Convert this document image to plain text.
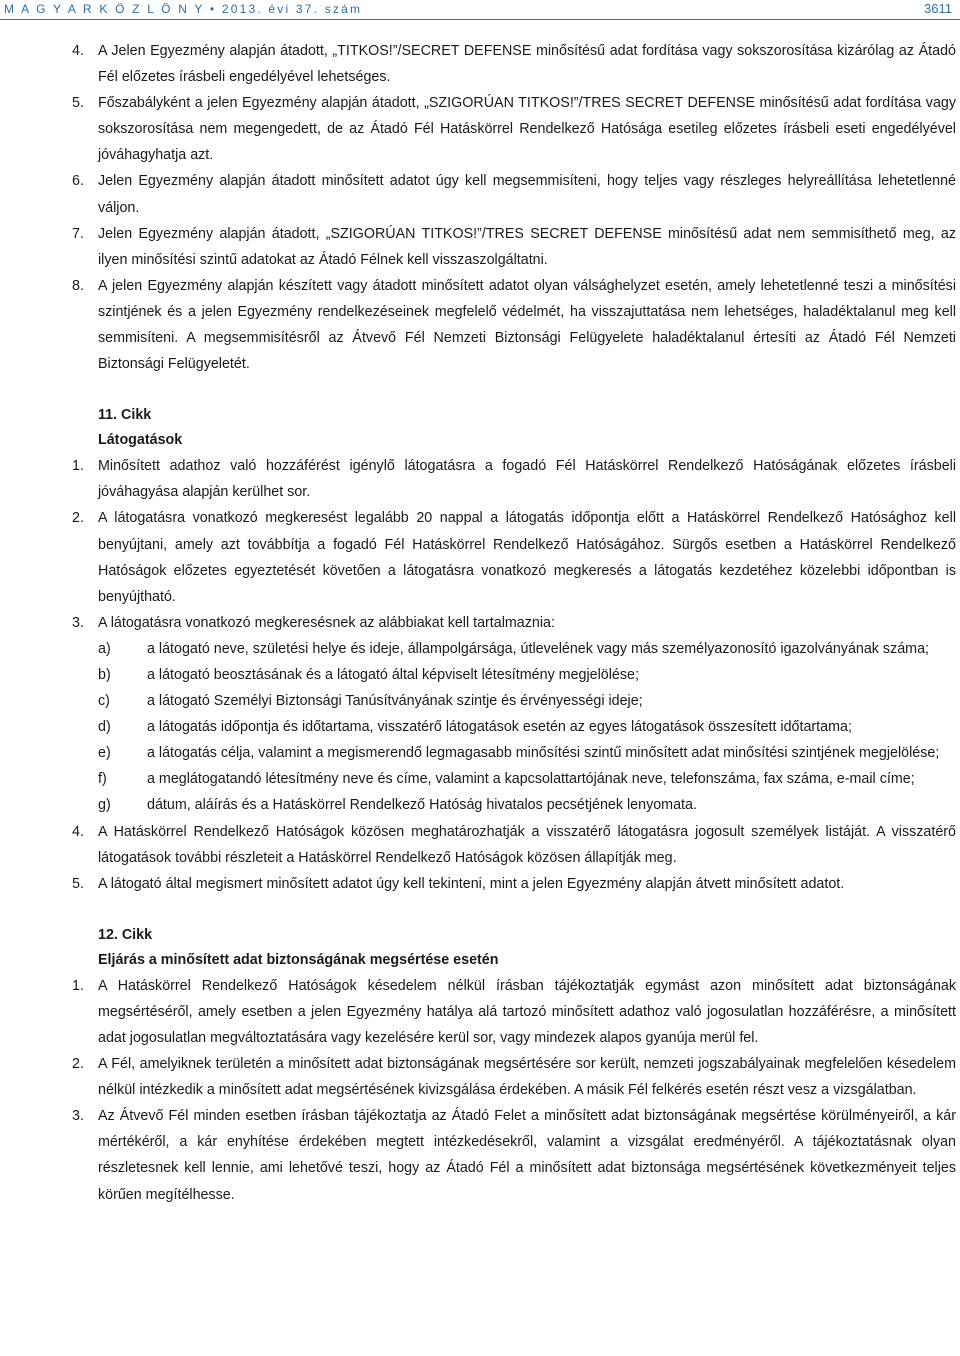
M A G Y A R K Ö Z L Ö N Y • 2013. évi 37. szám	3611
4. A Jelen Egyezmény alapján átadott, „TITKOS!”/SECRET DEFENSE minősítésű adat fordítása vagy sokszorosítása kizárólag az Átadó Fél előzetes írásbeli engedélyével lehetséges.
5. Főszabályként a jelen Egyezmény alapján átadott, „SZIGORÚAN TITKOS!”/TRES SECRET DEFENSE minősítésű adat fordítása vagy sokszorosítása nem megengedett, de az Átadó Fél Hatáskörrel Rendelkező Hatósága esetileg előzetes írásbeli eseti engedélyével jóváhagyhatja azt.
6. Jelen Egyezmény alapján átadott minősített adatot úgy kell megsemmisíteni, hogy teljes vagy részleges helyreállítása lehetetlenné váljon.
7. Jelen Egyezmény alapján átadott, „SZIGORÚAN TITKOS!”/TRES SECRET DEFENSE minősítésű adat nem semmisíthető meg, az ilyen minősítési szintű adatokat az Átadó Félnek kell visszaszolgáltatni.
8. A jelen Egyezmény alapján készített vagy átadott minősített adatot olyan válsághelyzet esetén, amely lehetetlenné teszi a minősítési szintjének és a jelen Egyezmény rendelkezéseinek megfelelő védelmét, ha visszajuttatása nem lehetséges, haladéktalanul meg kell semmisíteni. A megsemmisítésről az Átvevő Fél Nemzeti Biztonsági Felügyelete haladéktalanul értesíti az Átadó Fél Nemzeti Biztonsági Felügyeletét.
11. Cikk
Látogatások
1. Minősített adathoz való hozzáférést igénylő látogatásra a fogadó Fél Hatáskörrel Rendelkező Hatóságának előzetes írásbeli jóváhagyása alapján kerülhet sor.
2. A látogatásra vonatkozó megkeresést legalább 20 nappal a látogatás időpontja előtt a Hatáskörrel Rendelkező Hatósághoz kell benyújtani, amely azt továbbítja a fogadó Fél Hatáskörrel Rendelkező Hatóságához. Sürgős esetben a Hatáskörrel Rendelkező Hatóságok előzetes egyeztetését követően a látogatásra vonatkozó megkeresés a látogatás kezdetéhez közelebbi időpontban is benyújtható.
3. A látogatásra vonatkozó megkeresésnek az alábbiakat kell tartalmaznia:
a)	a látogató neve, születési helye és ideje, állampolgársága, útlevelének vagy más személyazonosító igazolványának száma;
b)	a látogató beosztásának és a látogató által képviselt létesítmény megjelölése;
c)	a látogató Személyi Biztonsági Tanúsítványának szintje és érvényességi ideje;
d)	a látogatás időpontja és időtartama, visszatérő látogatások esetén az egyes látogatások összesített időtartama;
e)	a látogatás célja, valamint a megismerendő legmagasabb minősítési szintű minősített adat minősítési szintjének megjelölése;
f)	a meglátogatandó létesítmény neve és címe, valamint a kapcsolattartójának neve, telefonszáma, fax száma, e-mail címe;
g)	dátum, aláírás és a Hatáskörrel Rendelkező Hatóság hivatalos pecsétjének lenyomata.
4. A Hatáskörrel Rendelkező Hatóságok közösen meghatározhatják a visszatérő látogatásra jogosult személyek listáját. A visszatérő látogatások további részleteit a Hatáskörrel Rendelkező Hatóságok közösen állapítják meg.
5. A látogató által megismert minősített adatot úgy kell tekinteni, mint a jelen Egyezmény alapján átvett minősített adatot.
12. Cikk
Eljárás a minősített adat biztonságának megsértése esetén
1. A Hatáskörrel Rendelkező Hatóságok késedelem nélkül írásban tájékoztatják egymást azon minősített adat biztonságának megsértéséről, amely esetben a jelen Egyezmény hatálya alá tartozó minősített adathoz való jogosulatlan hozzáférésre, a minősített adat jogosulatlan megváltoztatására vagy kezelésére kerül sor, vagy mindezek alapos gyanúja merül fel.
2. A Fél, amelyiknek területén a minősített adat biztonságának megsértésére sor került, nemzeti jogszabályainak megfelelően késedelem nélkül intézkedik a minősített adat megsértésének kivizsgálása érdekében. A másik Fél felkérés esetén részt vesz a vizsgálatban.
3. Az Átvevő Fél minden esetben írásban tájékoztatja az Átadó Felet a minősített adat biztonságának megsértése körülményeiről, a kár mértékéről, a kár enyhítése érdekében megtett intézkedésekről, valamint a vizsgálat eredményéről. A tájékoztatásnak olyan részletesnek kell lennie, ami lehetővé teszi, hogy az Átadó Fél a minősített adat biztonsága megsértésének következményeit teljes körűen megítélhesse.
